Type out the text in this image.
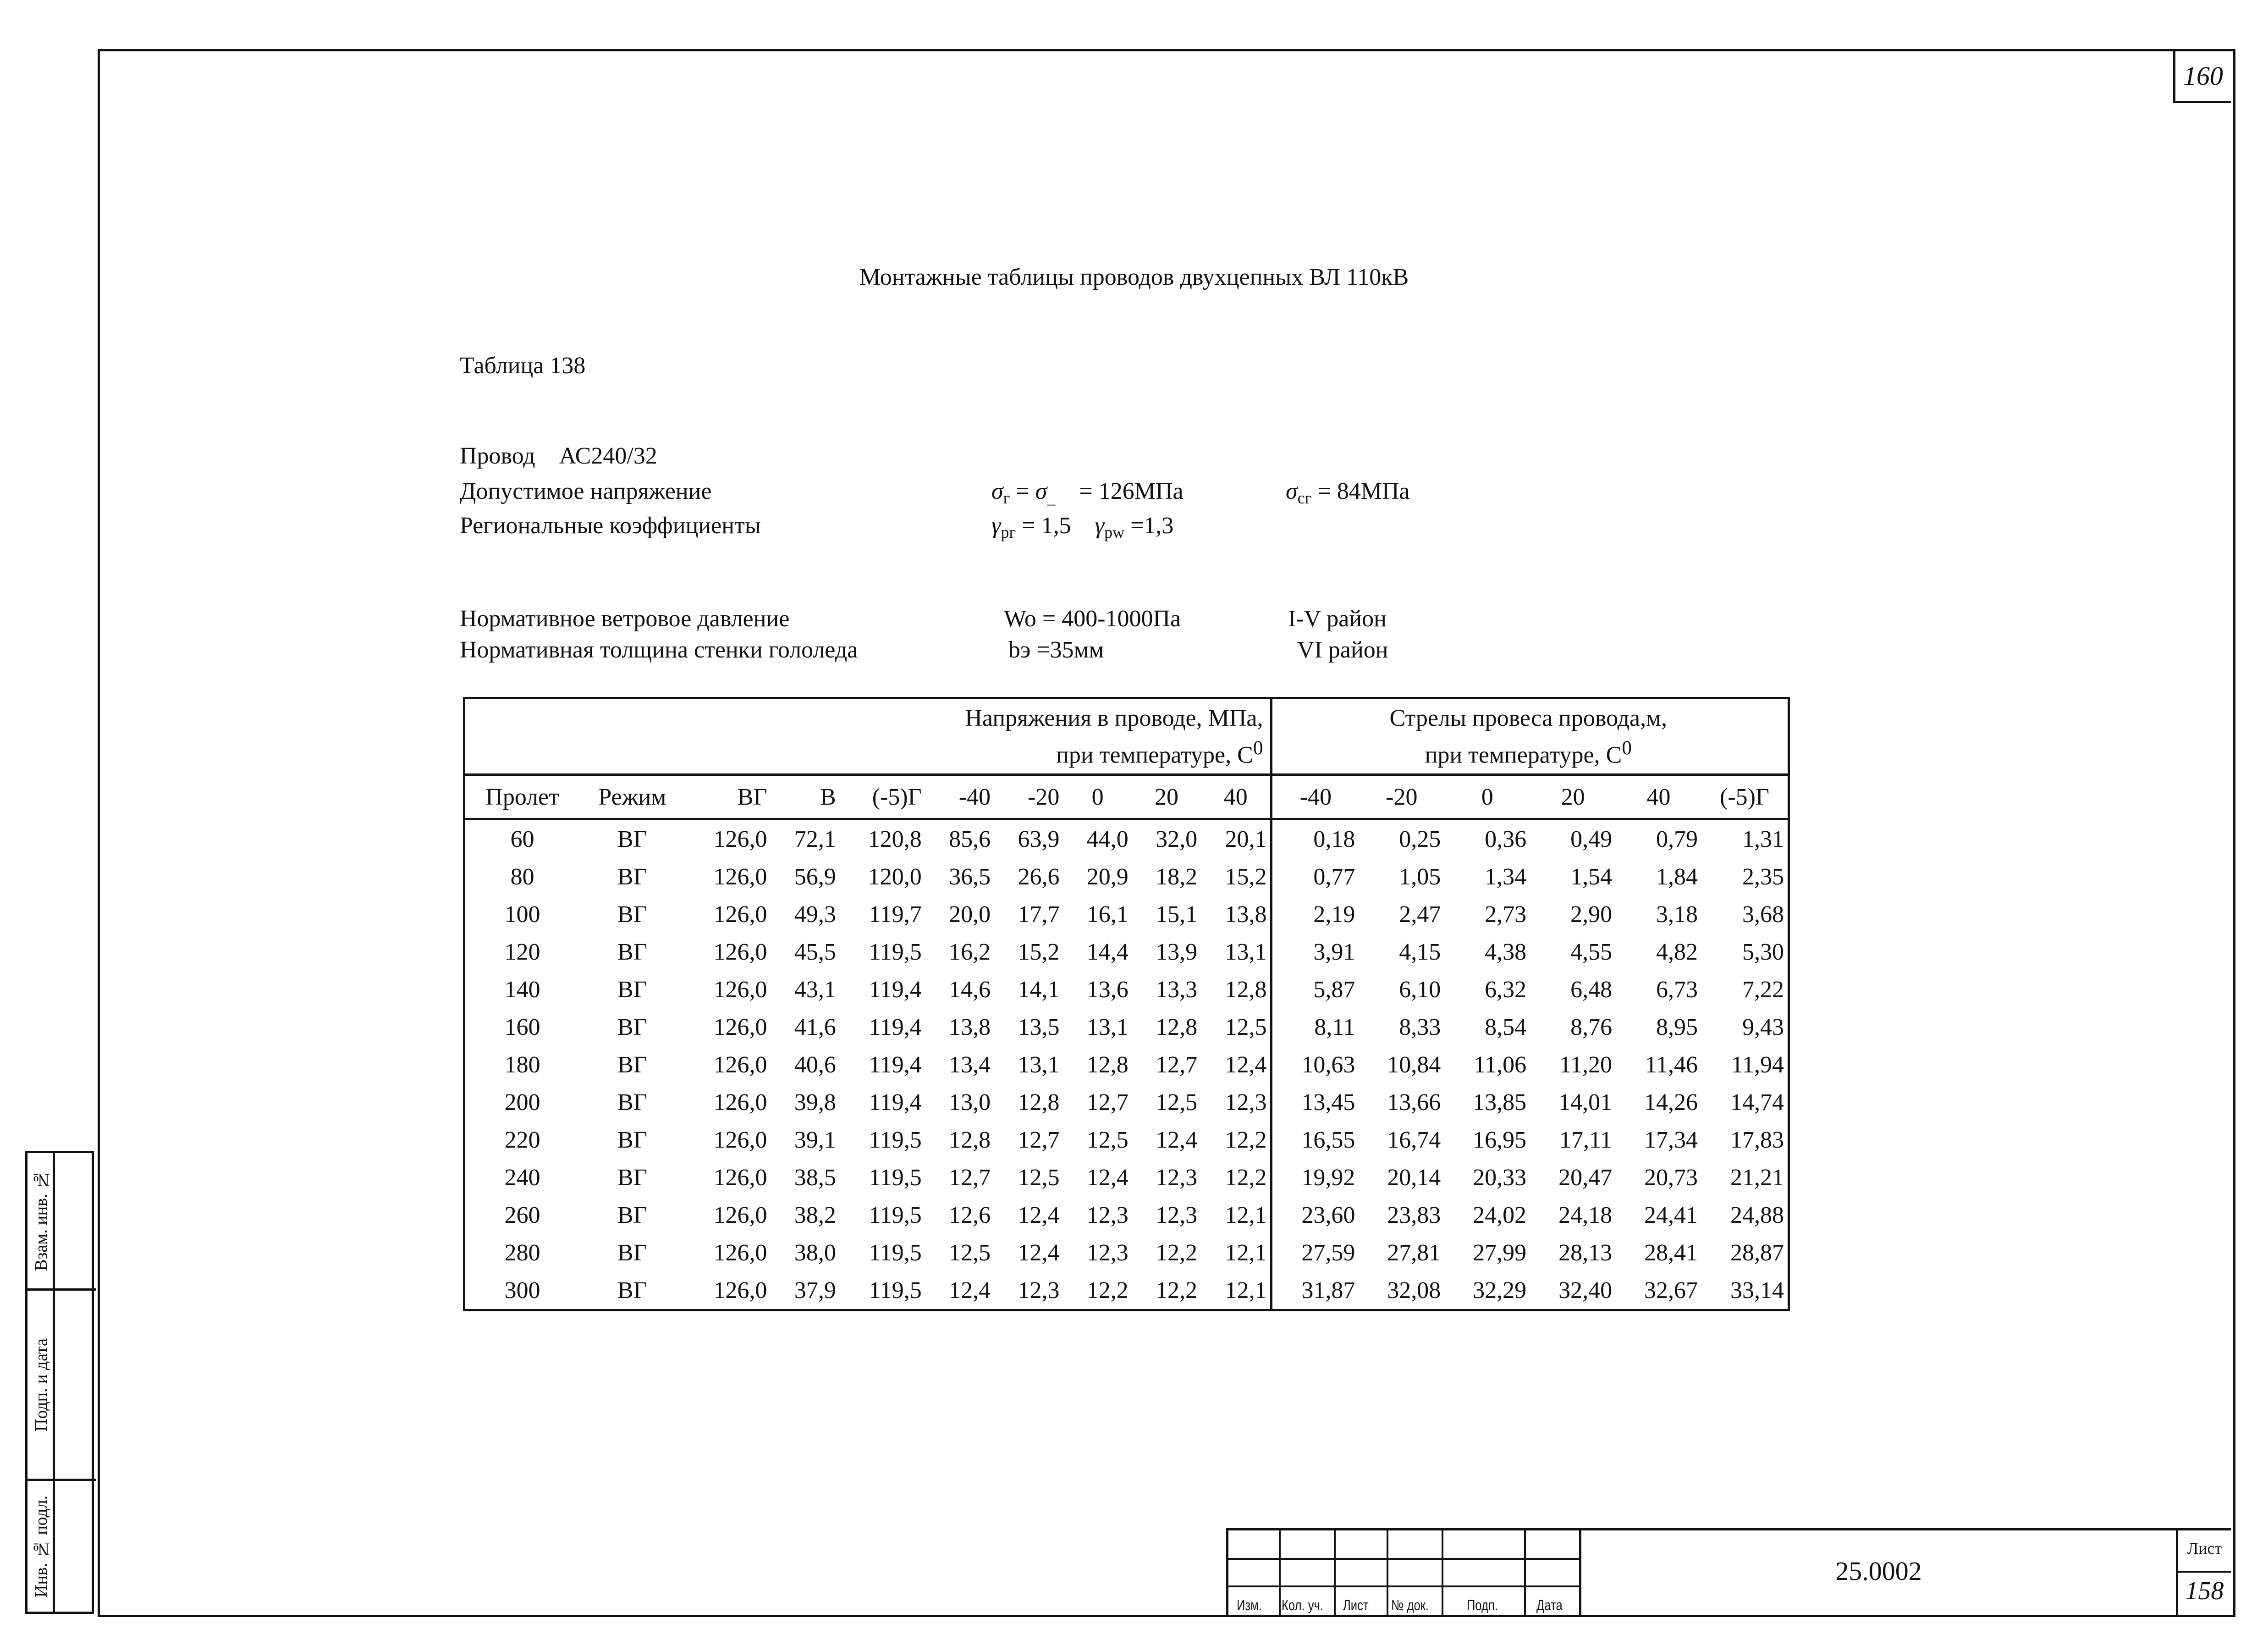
160
Монтажные таблицы проводов двухцепных ВЛ 110кВ
Таблица 138
Провод АС240/32
Допустимое напряжение	$\sigma_г = \sigma_{\_} = 126МПа$	$\sigma_{cг} = 84МПа$
Региональные коэффициенты	$\gamma_{pг} = 1,5$ $\gamma_{pw} =1,3$
Нормативное ветровое давление	Wo = 400-1000Па	I-V район
Нормативная толщина стенки гололеда	bэ =35мм	VI район
Напряжения в проводе, МПа,
при температуре, $С^0$										Стрелы провеса провода,м,
при температуре, $С^0$
Пролет	Режим	ВГ	В	(-5)Г	-40	-20	0	20	40	-40	-20	0	20	40	(-5)Г
60	ВГ	126,0	72,1	120,8	85,6	63,9	44,0	32,0	20,1	0,18	0,25	0,36	0,49	0,79	1,31
80	ВГ	126,0	56,9	120,0	36,5	26,6	20,9	18,2	15,2	0,77	1,05	1,34	1,54	1,84	2,35
100	ВГ	126,0	49,3	119,7	20,0	17,7	16,1	15,1	13,8	2,19	2,47	2,73	2,90	3,18	3,68
120	ВГ	126,0	45,5	119,5	16,2	15,2	14,4	13,9	13,1	3,91	4,15	4,38	4,55	4,82	5,30
140	ВГ	126,0	43,1	119,4	14,6	14,1	13,6	13,3	12,8	5,87	6,10	6,32	6,48	6,73	7,22
160	ВГ	126,0	41,6	119,4	13,8	13,5	13,1	12,8	12,5	8,11	8,33	8,54	8,76	8,95	9,43
180	ВГ	126,0	40,6	119,4	13,4	13,1	12,8	12,7	12,4	10,63	10,84	11,06	11,20	11,46	11,94
200	ВГ	126,0	39,8	119,4	13,0	12,8	12,7	12,5	12,3	13,45	13,66	13,85	14,01	14,26	14,74
220	ВГ	126,0	39,1	119,5	12,8	12,7	12,5	12,4	12,2	16,55	16,74	16,95	17,11	17,34	17,83
240	ВГ	126,0	38,5	119,5	12,7	12,5	12,4	12,3	12,2	19,92	20,14	20,33	20,47	20,73	21,21
260	ВГ	126,0	38,2	119,5	12,6	12,4	12,3	12,3	12,1	23,60	23,83	24,02	24,18	24,41	24,88
280	ВГ	126,0	38,0	119,5	12,5	12,4	12,3	12,2	12,1	27,59	27,81	27,99	28,13	28,41	28,87
300	ВГ	126,0	37,9	119,5	12,4	12,3	12,2	12,2	12,1	31,87	32,08	32,29	32,40	32,67	33,14
Взам. инв. №
Подп. и дата
Инв. № подл.
Изм. Кол. уч. Лист № док.	Подп.	Дата
25.0002
Лист
158
